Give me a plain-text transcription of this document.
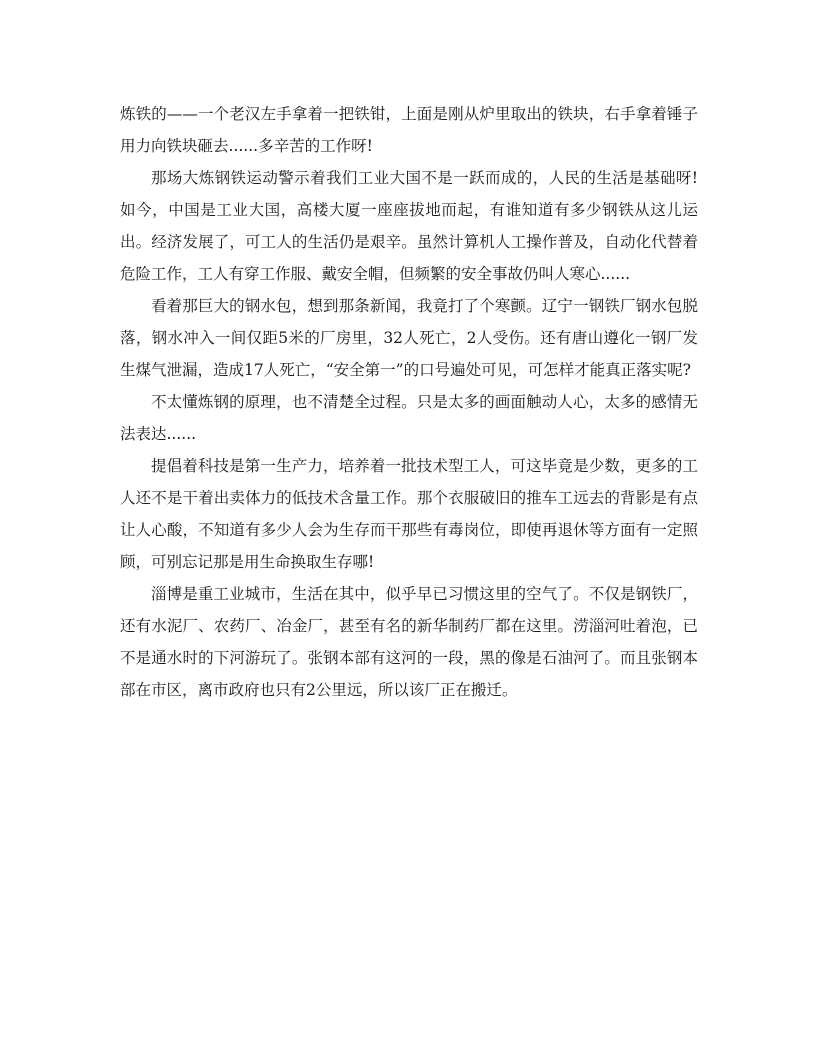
炼铁的——一个老汉左手拿着一把铁钳，上面是刚从炉里取出的铁块，右手拿着锤子用力向铁块砸去......多辛苦的工作呀!

那场大炼钢铁运动警示着我们工业大国不是一跃而成的，人民的生活是基础呀!如今，中国是工业大国，高楼大厦一座座拔地而起，有谁知道有多少钢铁从这儿运出。经济发展了，可工人的生活仍是艰辛。虽然计算机人工操作普及，自动化代替着危险工作，工人有穿工作服、戴安全帽，但频繁的安全事故仍叫人寒心......

看着那巨大的钢水包，想到那条新闻，我竟打了个寒颤。辽宁一钢铁厂钢水包脱落，钢水冲入一间仅距5米的厂房里，32人死亡，2人受伤。还有唐山遵化一钢厂发生煤气泄漏，造成17人死亡，“安全第一”的口号遍处可见，可怎样才能真正落实呢?

不太懂炼钢的原理，也不清楚全过程。只是太多的画面触动人心，太多的感情无法表达......

提倡着科技是第一生产力，培养着一批技术型工人，可这毕竟是少数，更多的工人还不是干着出卖体力的低技术含量工作。那个衣服破旧的推车工远去的背影是有点让人心酸，不知道有多少人会为生存而干那些有毒岗位，即使再退休等方面有一定照顾，可别忘记那是用生命换取生存哪!

淄博是重工业城市，生活在其中，似乎早已习惯这里的空气了。不仅是钢铁厂，还有水泥厂、农药厂、冶金厂，甚至有名的新华制药厂都在这里。涝淄河吐着泡，已不是通水时的下河游玩了。张钢本部有这河的一段，黑的像是石油河了。而且张钢本部在市区，离市政府也只有2公里远，所以该厂正在搬迁。
